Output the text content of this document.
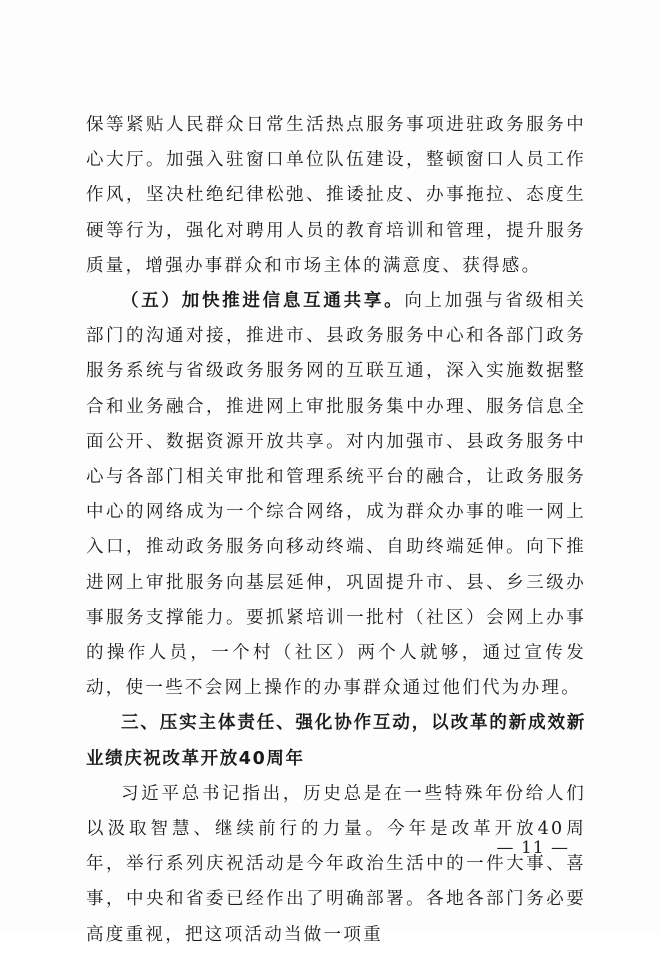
保等紧贴人民群众日常生活热点服务事项进驻政务服务中心大厅。加强入驻窗口单位队伍建设，整顿窗口人员工作作风，坚决杜绝纪律松弛、推诿扯皮、办事拖拉、态度生硬等行为，强化对聘用人员的教育培训和管理，提升服务质量，增强办事群众和市场主体的满意度、获得感。

（五）加快推进信息互通共享。向上加强与省级相关部门的沟通对接，推进市、县政务服务中心和各部门政务服务系统与省级政务服务网的互联互通，深入实施数据整合和业务融合，推进网上审批服务集中办理、服务信息全面公开、数据资源开放共享。对内加强市、县政务服务中心与各部门相关审批和管理系统平台的融合，让政务服务中心的网络成为一个综合网络，成为群众办事的唯一网上入口，推动政务服务向移动终端、自助终端延伸。向下推进网上审批服务向基层延伸，巩固提升市、县、乡三级办事服务支撑能力。要抓紧培训一批村（社区）会网上办事的操作人员，一个村（社区）两个人就够，通过宣传发动，使一些不会网上操作的办事群众通过他们代为办理。

三、压实主体责任、强化协作互动，以改革的新成效新业绩庆祝改革开放40周年

习近平总书记指出，历史总是在一些特殊年份给人们以汲取智慧、继续前行的力量。今年是改革开放40周年，举行系列庆祝活动是今年政治生活中的一件大事、喜事，中央和省委已经作出了明确部署。各地各部门务必要高度重视，把这项活动当做一项重

— 11 —
